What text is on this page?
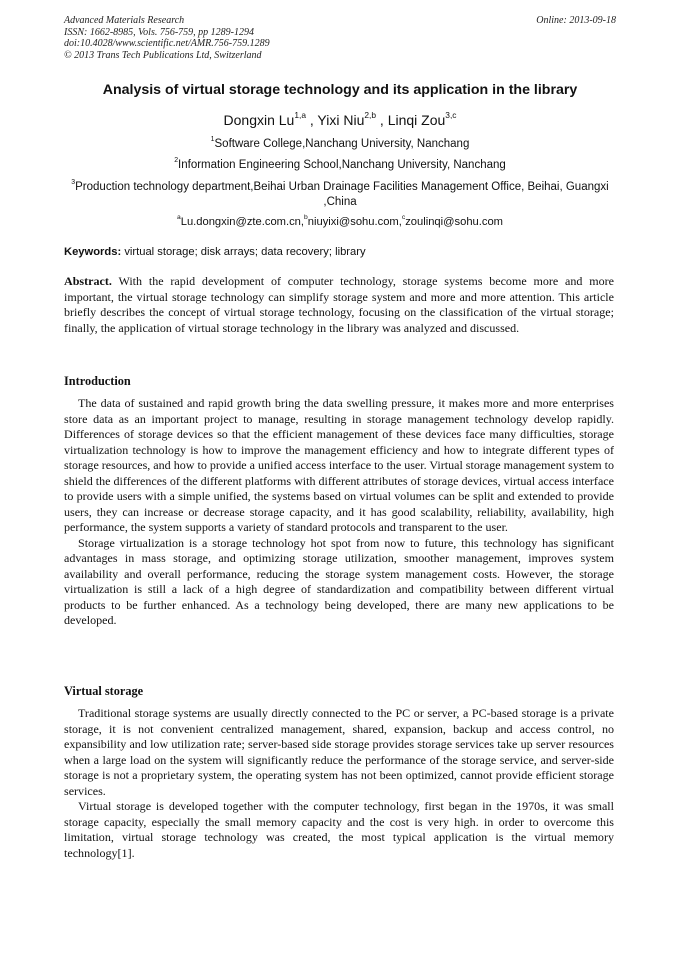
Advanced Materials Research
ISSN: 1662-8985, Vols. 756-759, pp 1289-1294
doi:10.4028/www.scientific.net/AMR.756-759.1289
© 2013 Trans Tech Publications Ltd, Switzerland
Online: 2013-09-18
Analysis of virtual storage technology and its application in the library
Dongxin Lu$^{1,a}$ , Yixi Niu$^{2,b}$ , Linqi Zou$^{3,c}$
$^1$Software College,Nanchang University, Nanchang
$^2$Information Engineering School,Nanchang University, Nanchang
$^3$Production technology department,Beihai Urban Drainage Facilities Management Office, Beihai, Guangxi ,China
$^a$Lu.dongxin@zte.com.cn,$^b$niuyixi@sohu.com,$^c$zoulinqi@sohu.com
Keywords: virtual storage; disk arrays; data recovery; library

Abstract. With the rapid development of computer technology, storage systems become more and more important, the virtual storage technology can simplify storage system and more and more attention. This article briefly describes the concept of virtual storage technology, focusing on the classification of the virtual storage; finally, the application of virtual storage technology in the library was analyzed and discussed.

Introduction

The data of sustained and rapid growth bring the data swelling pressure, it makes more and more enterprises store data as an important project to manage, resulting in storage management technology develop rapidly. Differences of storage devices so that the efficient management of these devices face many difficulties, storage virtualization technology is how to improve the management efficiency and how to integrate different types of storage resources, and how to provide a unified access interface to the user. Virtual storage management system to shield the differences of the different platforms with different attributes of storage devices, virtual access interface to provide users with a simple unified, the systems based on virtual volumes can be split and extended to provide users, they can increase or decrease storage capacity, and it has good scalability, reliability, availability, high performance, the system supports a variety of standard protocols and transparent to the user.

Storage virtualization is a storage technology hot spot from now to future, this technology has significant advantages in mass storage, and optimizing storage utilization, smoother management, improves system availability and overall performance, reducing the storage system management costs. However, the storage virtualization is still a lack of a high degree of standardization and compatibility between different virtual products to be further enhanced. As a technology being developed, there are many new applications to be developed.

Virtual storage

Traditional storage systems are usually directly connected to the PC or server, a PC-based storage is a private storage, it is not convenient centralized management, shared, expansion, backup and access control, no expansibility and low utilization rate; server-based side storage provides storage services take up server resources when a large load on the system will significantly reduce the performance of the storage service, and server-side storage is not a proprietary system, the operating system has not been optimized, cannot provide efficient storage services.

Virtual storage is developed together with the computer technology, first began in the 1970s, it was small storage capacity, especially the small memory capacity and the cost is very high. in order to overcome this limitation, virtual storage technology was created, the most typical application is the virtual memory technology[1].
